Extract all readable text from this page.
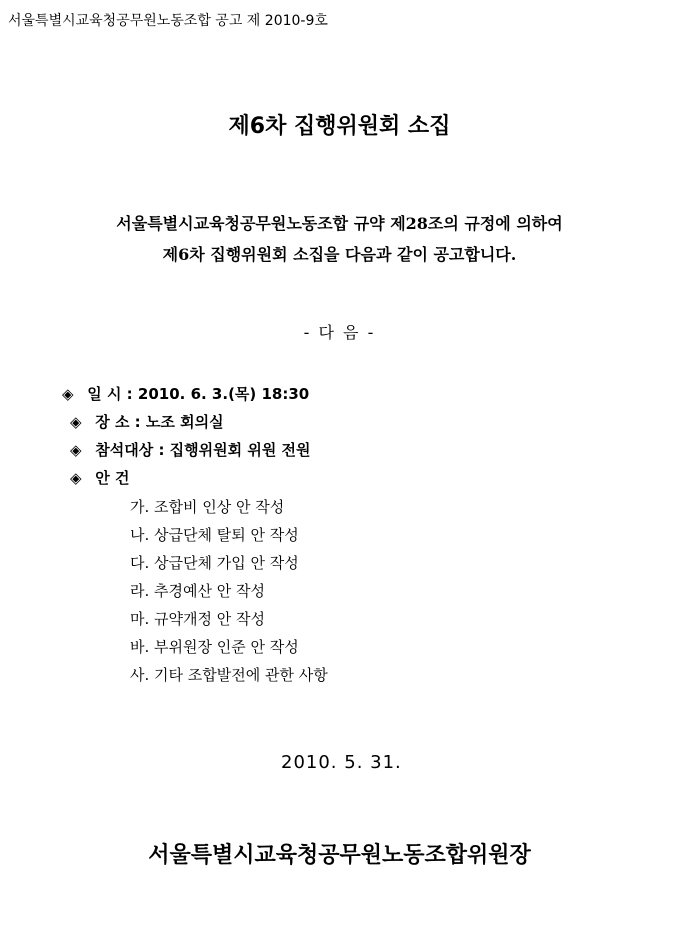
서울특별시교육청공무원노동조합 공고 제 2010-9호
제6차 집행위원회 소집
서울특별시교육청공무원노동조합 규약 제28조의 규정에 의하여
제6차 집행위원회 소집을 다음과 같이 공고합니다.
- 다 음 -
◈ 일 시 : 2010. 6. 3.(목) 18:30
◈ 장 소 : 노조 회의실
◈ 참석대상 : 집행위원회 위원 전원
◈ 안 건
가. 조합비 인상 안 작성
나. 상급단체 탈퇴 안 작성
다. 상급단체 가입 안 작성
라. 추경예산 안 작성
마. 규약개정 안 작성
바. 부위원장 인준 안 작성
사. 기타 조합발전에 관한 사항
2010. 5. 31.
서울특별시교육청공무원노동조합위원장
